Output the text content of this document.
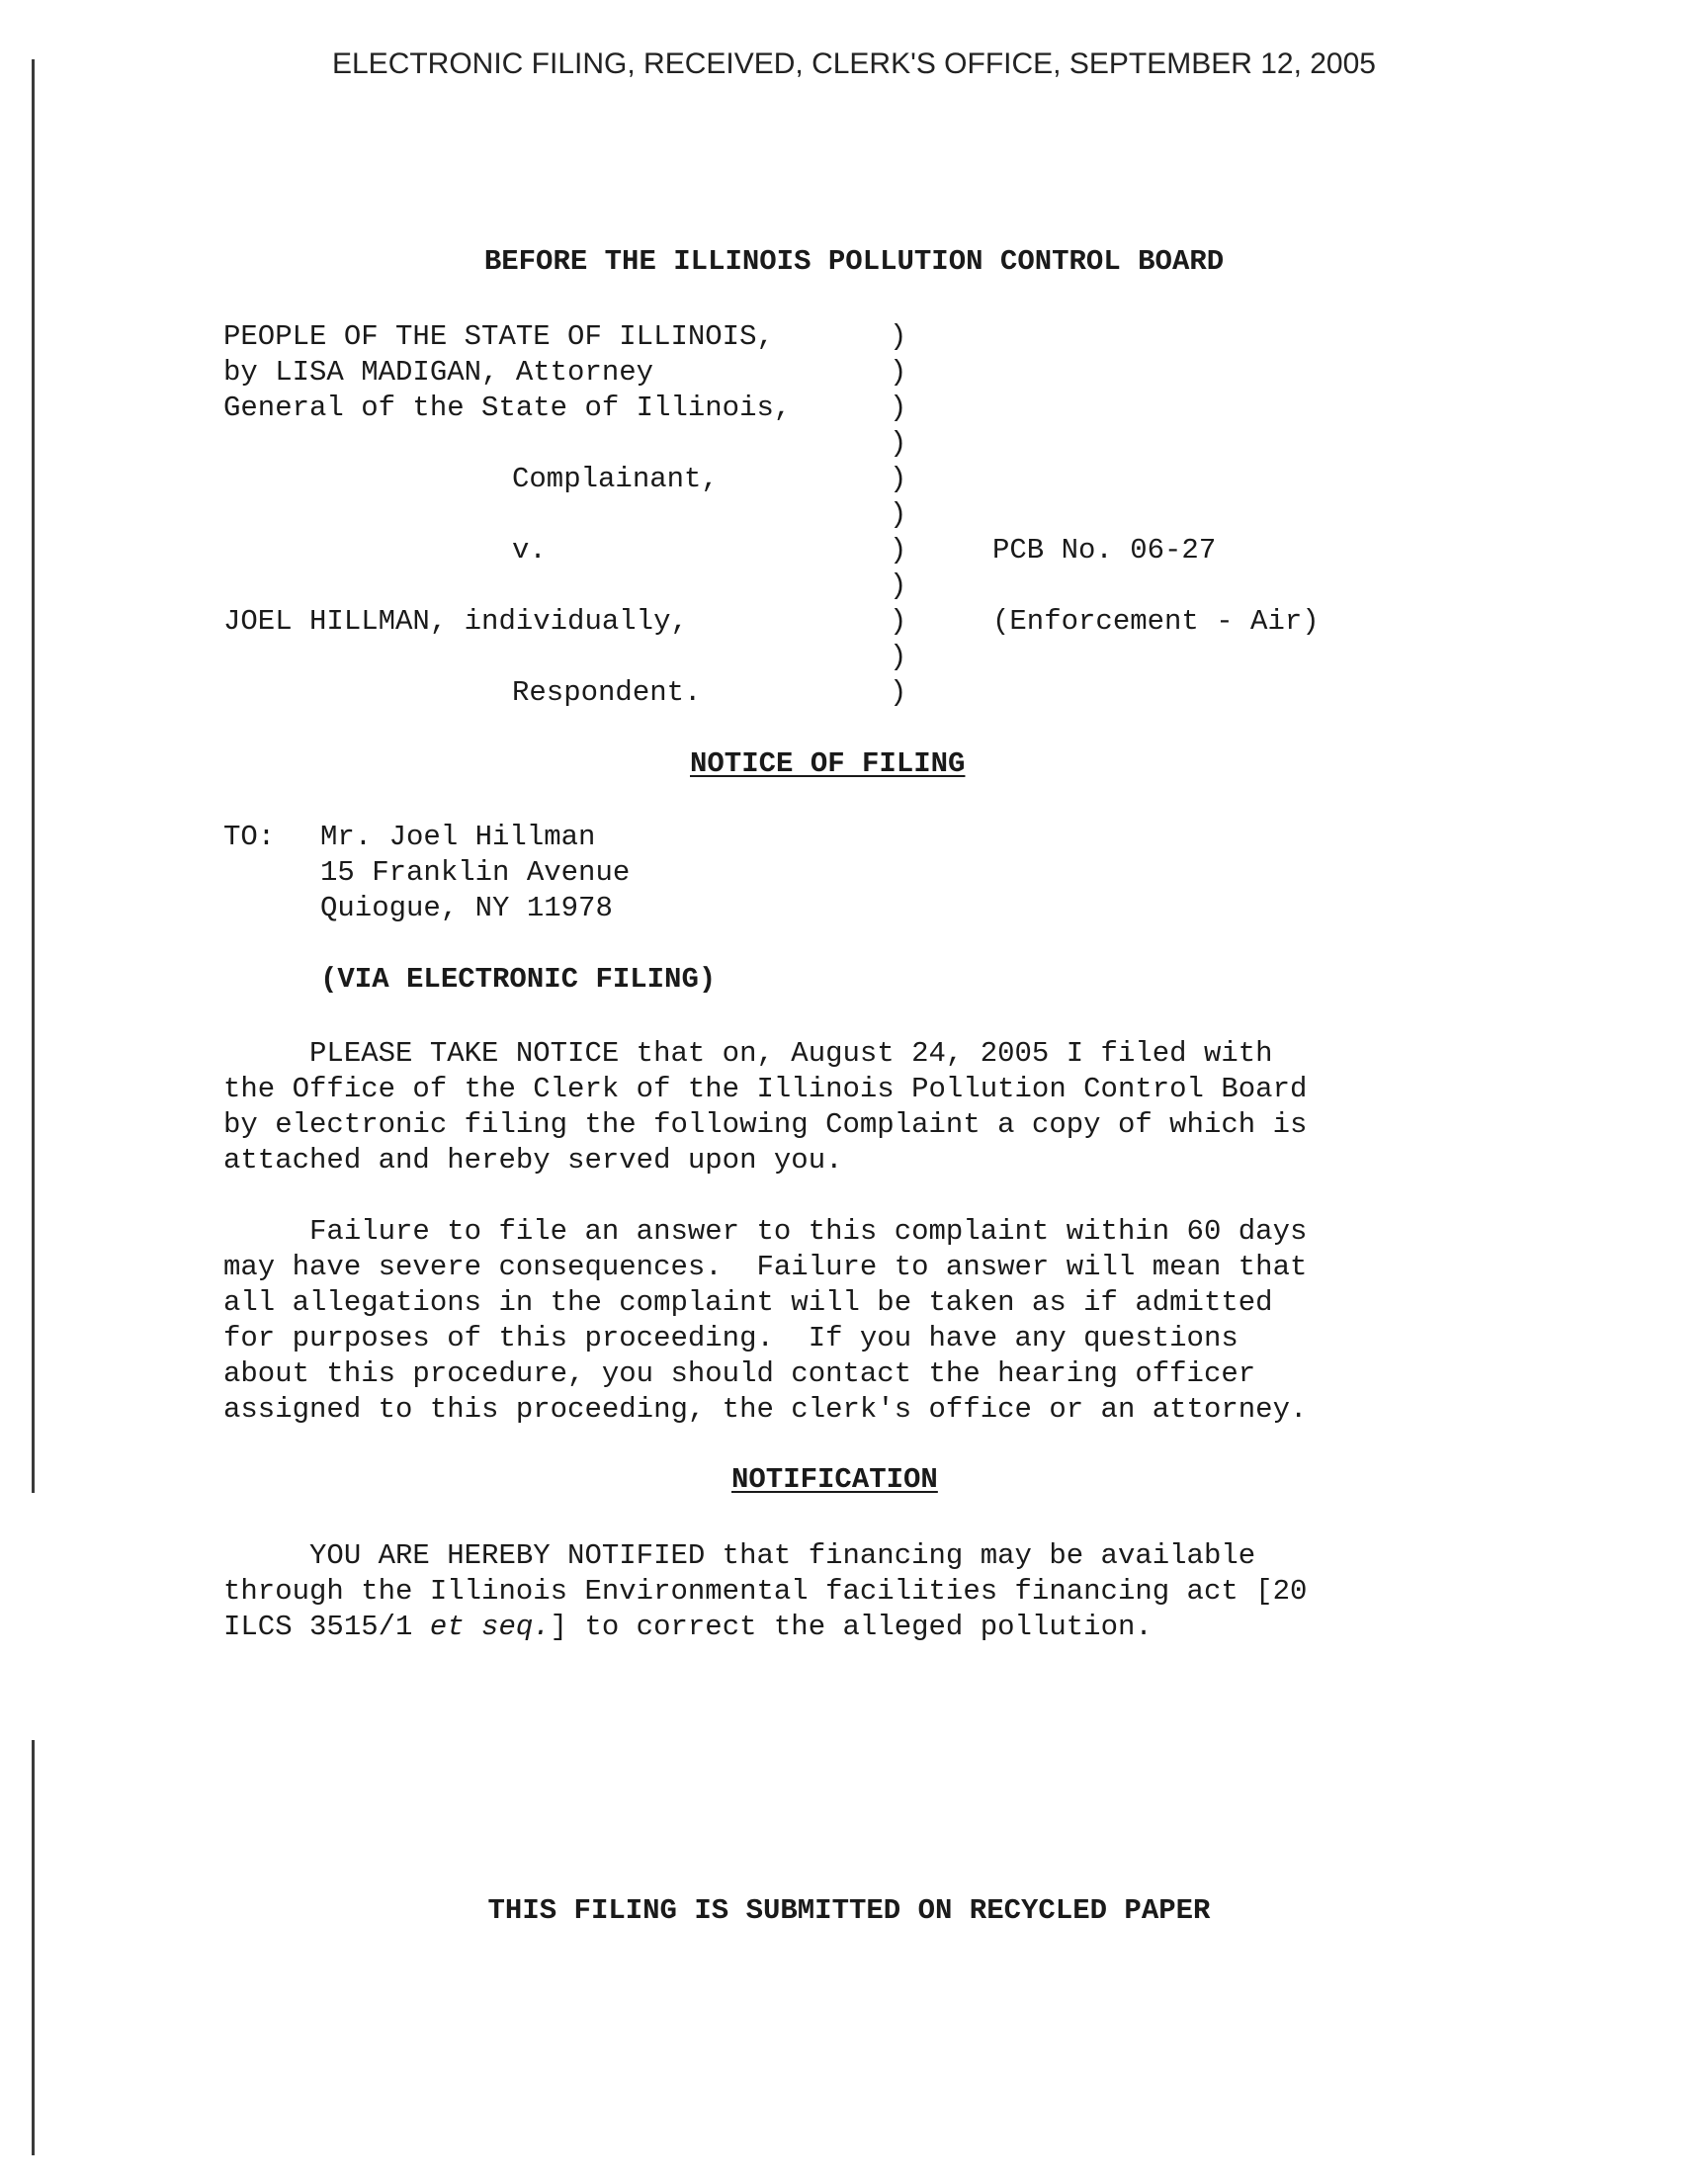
ELECTRONIC FILING, RECEIVED, CLERK'S OFFICE, SEPTEMBER 12, 2005
BEFORE THE ILLINOIS POLLUTION CONTROL BOARD
PEOPLE OF THE STATE OF ILLINOIS,
by LISA MADIGAN, Attorney
General of the State of Illinois,
Complainant,
v.
JOEL HILLMAN, individually,
Respondent.
)
)
)
)
)
)
)
)
)
)
)
PCB No. 06-27
(Enforcement - Air)
NOTICE OF FILING
TO: Mr. Joel Hillman
15 Franklin Avenue
Quiogue, NY 11978
(VIA ELECTRONIC FILING)
PLEASE TAKE NOTICE that on, August 24, 2005 I filed with
the Office of the Clerk of the Illinois Pollution Control Board
by electronic filing the following Complaint a copy of which is
attached and hereby served upon you.
Failure to file an answer to this complaint within 60 days
may have severe consequences.  Failure to answer will mean that
all allegations in the complaint will be taken as if admitted
for purposes of this proceeding.  If you have any questions
about this procedure, you should contact the hearing officer
assigned to this proceeding, the clerk's office or an attorney.
NOTIFICATION
YOU ARE HEREBY NOTIFIED that financing may be available
through the Illinois Environmental facilities financing act [20
ILCS 3515/1 et seq.] to correct the alleged pollution.
THIS FILING IS SUBMITTED ON RECYCLED PAPER
